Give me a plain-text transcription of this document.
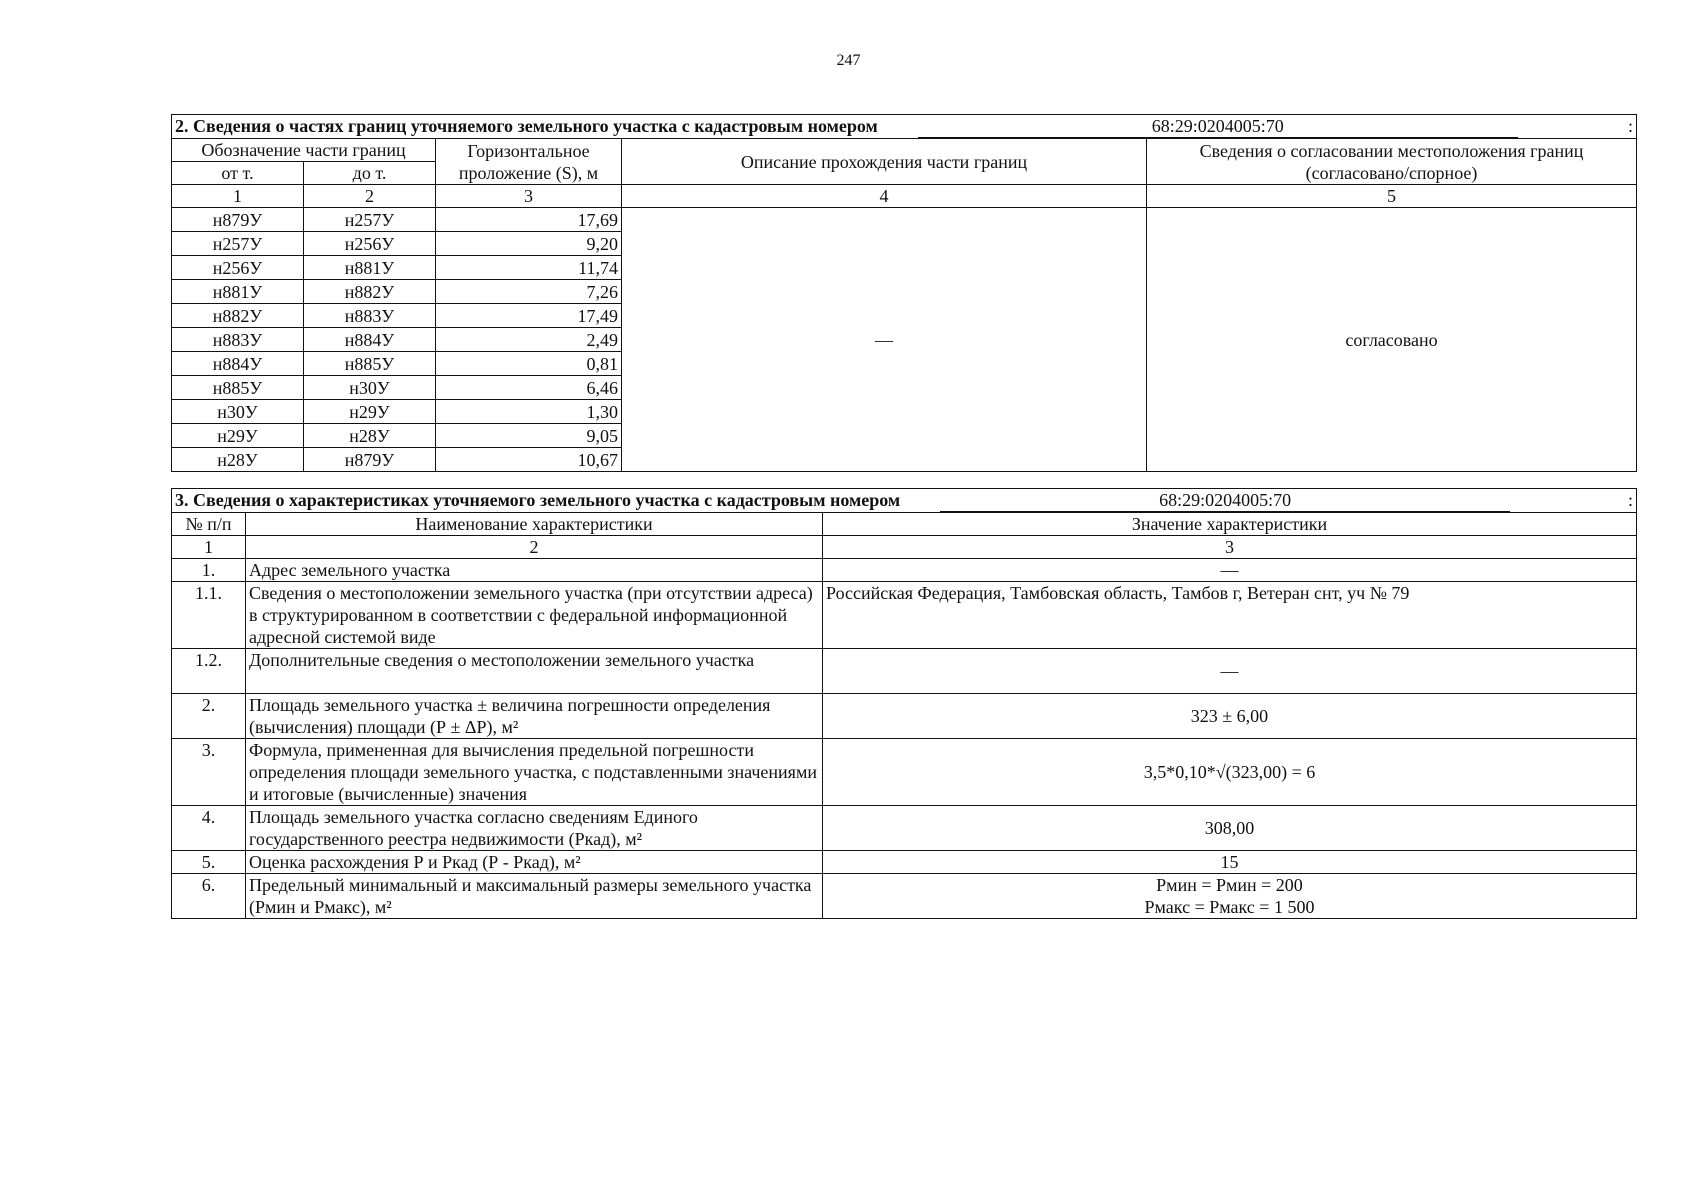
247
2. Сведения о частях границ уточняемого земельного участка с кадастровым номером 68:29:0204005:70 :				

Обозначение части границ		Горизонтальное проложение (S), м	Описание прохождения части границ	Сведения о согласовании местоположения границ (согласовано/спорное)
от т.	до т.			
1	2	3	4	5
н879У	н257У	17,69	—	согласовано
н257У	н256У	9,20		
н256У	н881У	11,74		
н881У	н882У	7,26		
н882У	н883У	17,49		
н883У	н884У	2,49		
н884У	н885У	0,81		
н885У	н30У	6,46		
н30У	н29У	1,30		
н29У	н28У	9,05		
н28У	н879У	10,67		
3. Сведения о характеристиках уточняемого земельного участка с кадастровым номером 68:29:0204005:70 :		

№ п/п	Наименование характеристики	Значение характеристики
1	2	3
1.	Адрес земельного участка	—
1.1.	Сведения о местоположении земельного участка (при отсутствии адреса) в структурированном в соответствии с федеральной информационной адресной системой виде	Российская Федерация, Тамбовская область, Тамбов г, Ветеран снт, уч № 79
1.2.	Дополнительные сведения о местоположении земельного участка	—
2.	Площадь земельного участка ± величина погрешности определения (вычисления) площади (Р ± ΔР), м²	323 ± 6,00
3.	Формула, примененная для вычисления предельной погрешности определения площади земельного участка, с подставленными значениями и итоговые (вычисленные) значения	3,5*0,10*√(323,00) = 6
4.	Площадь земельного участка согласно сведениям Единого государственного реестра недвижимости (Ркад), м²	308,00
5.	Оценка расхождения Р и Ркад (Р - Ркад), м²	15
6.	Предельный минимальный и максимальный размеры земельного участка (Рмин и Рмакс), м²	Рмин = Рмин = 200
Рмакс = Рмакс = 1 500
